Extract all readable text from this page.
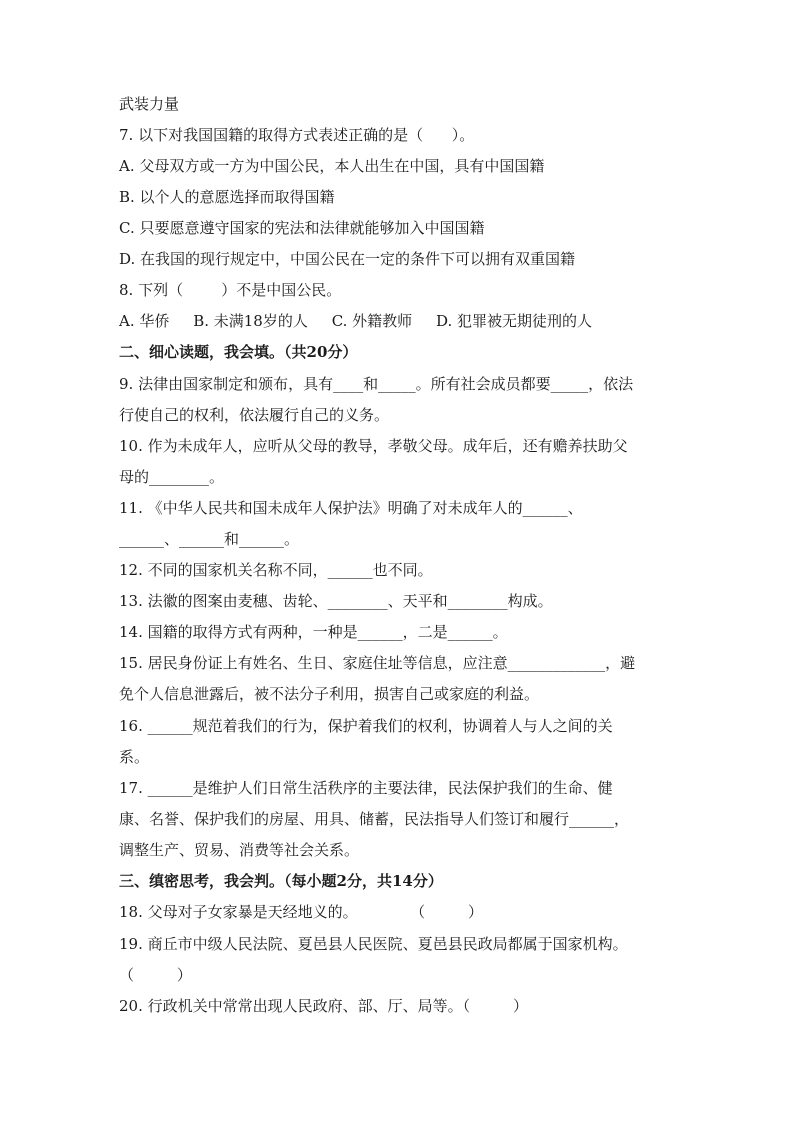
武装力量
7. 以下对我国国籍的取得方式表述正确的是（      ）。
A. 父母双方或一方为中国公民，本人出生在中国，具有中国国籍
B. 以个人的意愿选择而取得国籍
C. 只要愿意遵守国家的宪法和法律就能够加入中国国籍
D. 在我国的现行规定中，中国公民在一定的条件下可以拥有双重国籍
8. 下列（        ）不是中国公民。
A. 华侨     B. 未满18岁的人     C. 外籍教师     D. 犯罪被无期徒刑的人
二、细心读题，我会填。（共20分）
9. 法律由国家制定和颁布，具有____和_____。所有社会成员都要_____，依法
行使自己的权利，依法履行自己的义务。
10. 作为未成年人，应听从父母的教导，孝敬父母。成年后，还有赡养扶助父
母的________。
11. 《中华人民共和国未成年人保护法》明确了对未成年人的______、
______、______和______。
12. 不同的国家机关名称不同，______也不同。
13. 法徽的图案由麦穗、齿轮、________、天平和________构成。
14. 国籍的取得方式有两种，一种是______，二是______。
15. 居民身份证上有姓名、生日、家庭住址等信息，应注意_____________，避
免个人信息泄露后，被不法分子利用，损害自己或家庭的利益。
16. ______规范着我们的行为，保护着我们的权利，协调着人与人之间的关
系。
17. ______是维护人们日常生活秩序的主要法律，民法保护我们的生命、健
康、名誉、保护我们的房屋、用具、储蓄，民法指导人们签订和履行______，
调整生产、贸易、消费等社会关系。
三、缜密思考，我会判。（每小题2分，共14分）
18. 父母对子女家暴是天经地义的。           （         ）
19. 商丘市中级人民法院、夏邑县人民医院、夏邑县民政局都属于国家机构。
（         ）
20. 行政机关中常常出现人民政府、部、厅、局等。（         ）
